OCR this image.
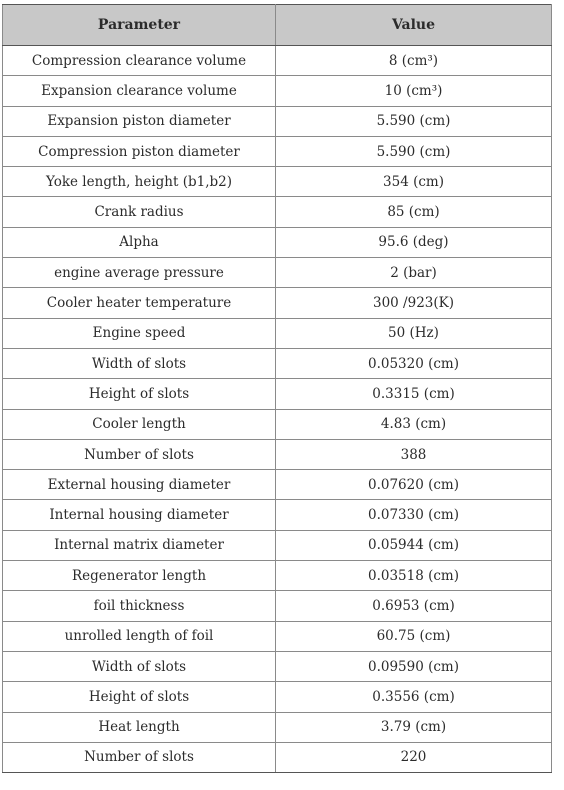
Parameter	Value
Compression clearance volume	8 (cm³)
Expansion clearance volume	10 (cm³)
Expansion piston diameter	5.590 (cm)
Compression piston diameter	5.590 (cm)
Yoke length, height (b1,b2)	354 (cm)
Crank radius	85 (cm)
Alpha	95.6 (deg)
engine average pressure	2 (bar)
Cooler heater temperature	300 /923(K)
Engine speed	50 (Hz)
Width of slots	0.05320 (cm)
Height of slots	0.3315 (cm)
Cooler length	4.83 (cm)
Number of slots	388
External housing diameter	0.07620 (cm)
Internal housing diameter	0.07330 (cm)
Internal matrix diameter	0.05944 (cm)
Regenerator length	0.03518 (cm)
foil thickness	0.6953 (cm)
unrolled length of foil	60.75 (cm)
Width of slots	0.09590 (cm)
Height of slots	0.3556 (cm)
Heat length	3.79 (cm)
Number of slots	220
